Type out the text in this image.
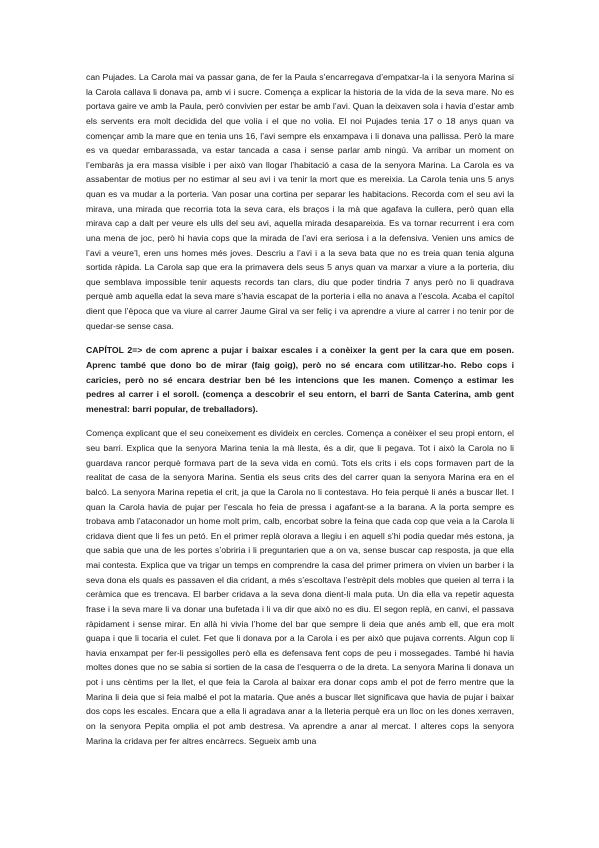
can Pujades. La Carola mai va passar gana, de fer la Paula s’encarregava d’empatxar-la i la senyora Marina si la Carola callava li donava pa, amb vi i sucre. Comença a explicar la historia de la vida de la seva mare. No es portava gaire ve amb la Paula, però convivien per estar be amb l’avi. Quan la deixaven sola i havia d’estar amb els servents era molt decidida del que volia i el que no volia. El noi Pujades tenia 17 o 18 anys quan va començar amb la mare que en tenia uns 16, l’avi sempre els enxampava i li donava una pallissa. Però la mare es va quedar embarassada, va estar tancada a casa i sense parlar amb ningú. Va arribar un moment on l’embaràs ja era massa visible i per això van llogar l’habitació a casa de la senyora Marina. La Carola es va assabentar de motius per no estimar al seu avi i va tenir la mort que es mereixia. La Carola tenia uns 5 anys quan es va mudar a la porteria. Van posar una cortina per separar les habitacions. Recorda com el seu avi la mirava, una mirada que recorria tota la seva cara, els braços i la mà que agafava la cullera, però quan ella mirava cap a dalt per veure els ulls del seu avi, aquella mirada desapareixia. Es va tornar recurrent i era com una mena de joc, però hi havia cops que la mirada de l’avi era seriosa i a la defensiva. Venien uns amics de l’avi a veure’l, eren uns homes més joves. Descriu a l’avi i a la seva bata que no es treia quan tenia alguna sortida ràpida. La Carola sap que era la primavera dels seus 5 anys quan va marxar a viure a la porteria, diu que semblava impossible tenir aquests records tan clars, diu que poder tindria 7 anys però no li quadrava perquè amb aquella edat la seva mare s’havia escapat de la porteria i ella no anava a l’escola. Acaba el capítol dient que l’època que va viure al carrer Jaume Giral va ser feliç i va aprendre a viure al carrer i no tenir por de quedar-se sense casa.

CAPÍTOL 2=> de com aprenc a pujar i baixar escales i a conèixer la gent per la cara que em posen. Aprenc també que dono bo de mirar (faig goig), però no sé encara com utilitzar-ho. Rebo cops i caricies, però no sé encara destriar ben bé les intencions que les manen. Començo a estimar les pedres al carrer i el soroll. (comença a descobrir el seu entorn, el barri de Santa Caterina, amb gent menestral: barri popular, de treballadors).

Comença explicant que el seu coneixement es divideix en cercles. Comença a conèixer el seu propi entorn, el seu barri. Explica que la senyora Marina tenia la mà llesta, és a dir, que li pegava. Tot i això la Carola no li guardava rancor perquè formava part de la seva vida en comú. Tots els crits i els cops formaven part de la realitat de casa de la senyora Marina. Sentia els seus crits des del carrer quan la senyora Marina era en el balcó. La senyora Marina repetia el crit, ja que la Carola no li contestava. Ho feia perquè li anés a buscar llet. I quan la Carola havia de pujar per l’escala ho feia de pressa i agafant-se a la barana. A la porta sempre es trobava amb l’ataconador un home molt prim, calb, encorbat sobre la feina que cada cop que veia a la Carola li cridava dient que li fes un petó. En el primer replà olorava a llegiu i en aquell s’hi podia quedar més estona, ja que sabia que una de les portes s’obriria i li preguntarien que a on va, sense buscar cap resposta, ja que ella mai contesta. Explica que va trigar un temps en comprendre la casa del primer primera on vivien un barber i la seva dona els quals es passaven el dia cridant, a més s’escoltava l’estrèpit dels mobles que queien al terra i la ceràmica que es trencava. El barber cridava a la seva dona dient-li mala puta. Un dia ella va repetir aquesta frase i la seva mare li va donar una bufetada i li va dir que això no es diu. El segon replà, en canvi, el passava ràpidament i sense mirar. En allà hi vivia l’home del bar que sempre li deia que anés amb ell, que era molt guapa i que li tocaria el culet. Fet que li donava por a la Carola i es per això que pujava corrents. Algun cop li havia enxampat per fer-li pessigolles però ella es defensava fent cops de peu i mossegades. També hi havia moltes dones que no se sabia si sortien de la casa de l’esquerra o de la dreta. La senyora Marina li donava un pot i uns cèntims per la llet, el que feia la Carola al baixar era donar cops amb el pot de ferro mentre que la Marina li deia que si feia malbé el pot la mataria. Que anés a buscar llet significava que havia de pujar i baixar dos cops les escales. Encara que a ella li agradava anar a la lleteria perquè era un lloc on les dones xerraven, on la senyora Pepita omplia el pot amb destresa. Va aprendre a anar al mercat. I alteres cops la senyora Marina la cridava per fer altres encàrrecs. Segueix amb una
